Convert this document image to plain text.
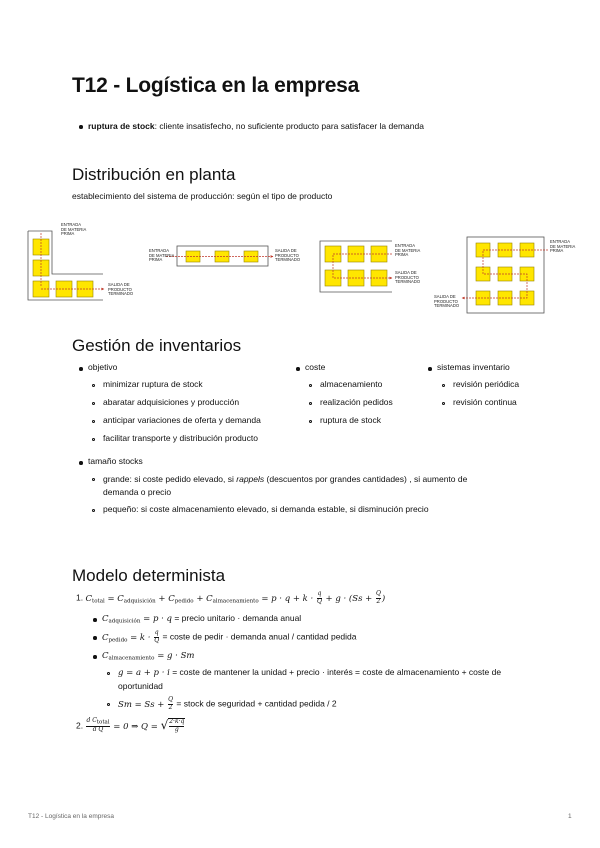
T12 - Logística en la empresa
ruptura de stock: cliente insatisfecho, no suficiente producto para satisfacer la demanda
Distribución en planta
establecimiento del sistema de producción: según el tipo de producto
ENTRADA
DE MATERIA
PRIMA
SALIDA DE
PRODUCTO
TERMINADO
ENTRADA
DE MATERIA
PRIMA
SALIDA DE
PRODUCTO
TERMINADO
ENTRADA
DE MATERIA
PRIMA
SALIDA DE
PRODUCTO
TERMINADO
ENTRADA
DE MATERIA
PRIMA
SALIDA DE
PRODUCTO
TERMINADO
Gestión de inventarios
objetivo
minimizar ruptura de stock
abaratar adquisiciones y producción
anticipar variaciones de oferta y demanda
facilitar transporte y distribución producto
coste
almacenamiento
realización pedidos
ruptura de stock
sistemas inventario
revisión periódica
revisión continua
tamaño stocks
grande: si coste pedido elevado, si rappels (descuentos por grandes cantidades) , si aumento de demanda o precio
pequeño: si coste almacenamiento elevado, si demanda estable, si disminución precio
Modelo determinista
1. $C_{total} = C_{adquisición} + C_{pedido} + C_{almacenamiento} = p \cdot q + k \cdot \frac{q}{Q} + g \cdot (Ss + \frac{Q}{2}$ )
$C_{adquisición} = p \cdot q$ = precio unitario · demanda anual
$C_{pedido} = k \cdot \frac{q}{Q}$ = coste de pedir · demanda anual / cantidad pedida
$C_{almacenamiento} = g \cdot Sm$
g = a + p · i = coste de mantener la unidad + precio · interés = coste de almacenamiento + coste de oportunidad
$Sm = Ss + \frac{Q}{2}$ = stock de seguridad + cantidad pedida / 2
2. $\frac{\text{d Ctotal}}{\text{d Q}} = 0$ ⇒ Q = √ $\frac{2\cdot k\cdot q}{g}$
T12 - Logística en la empresa	1
